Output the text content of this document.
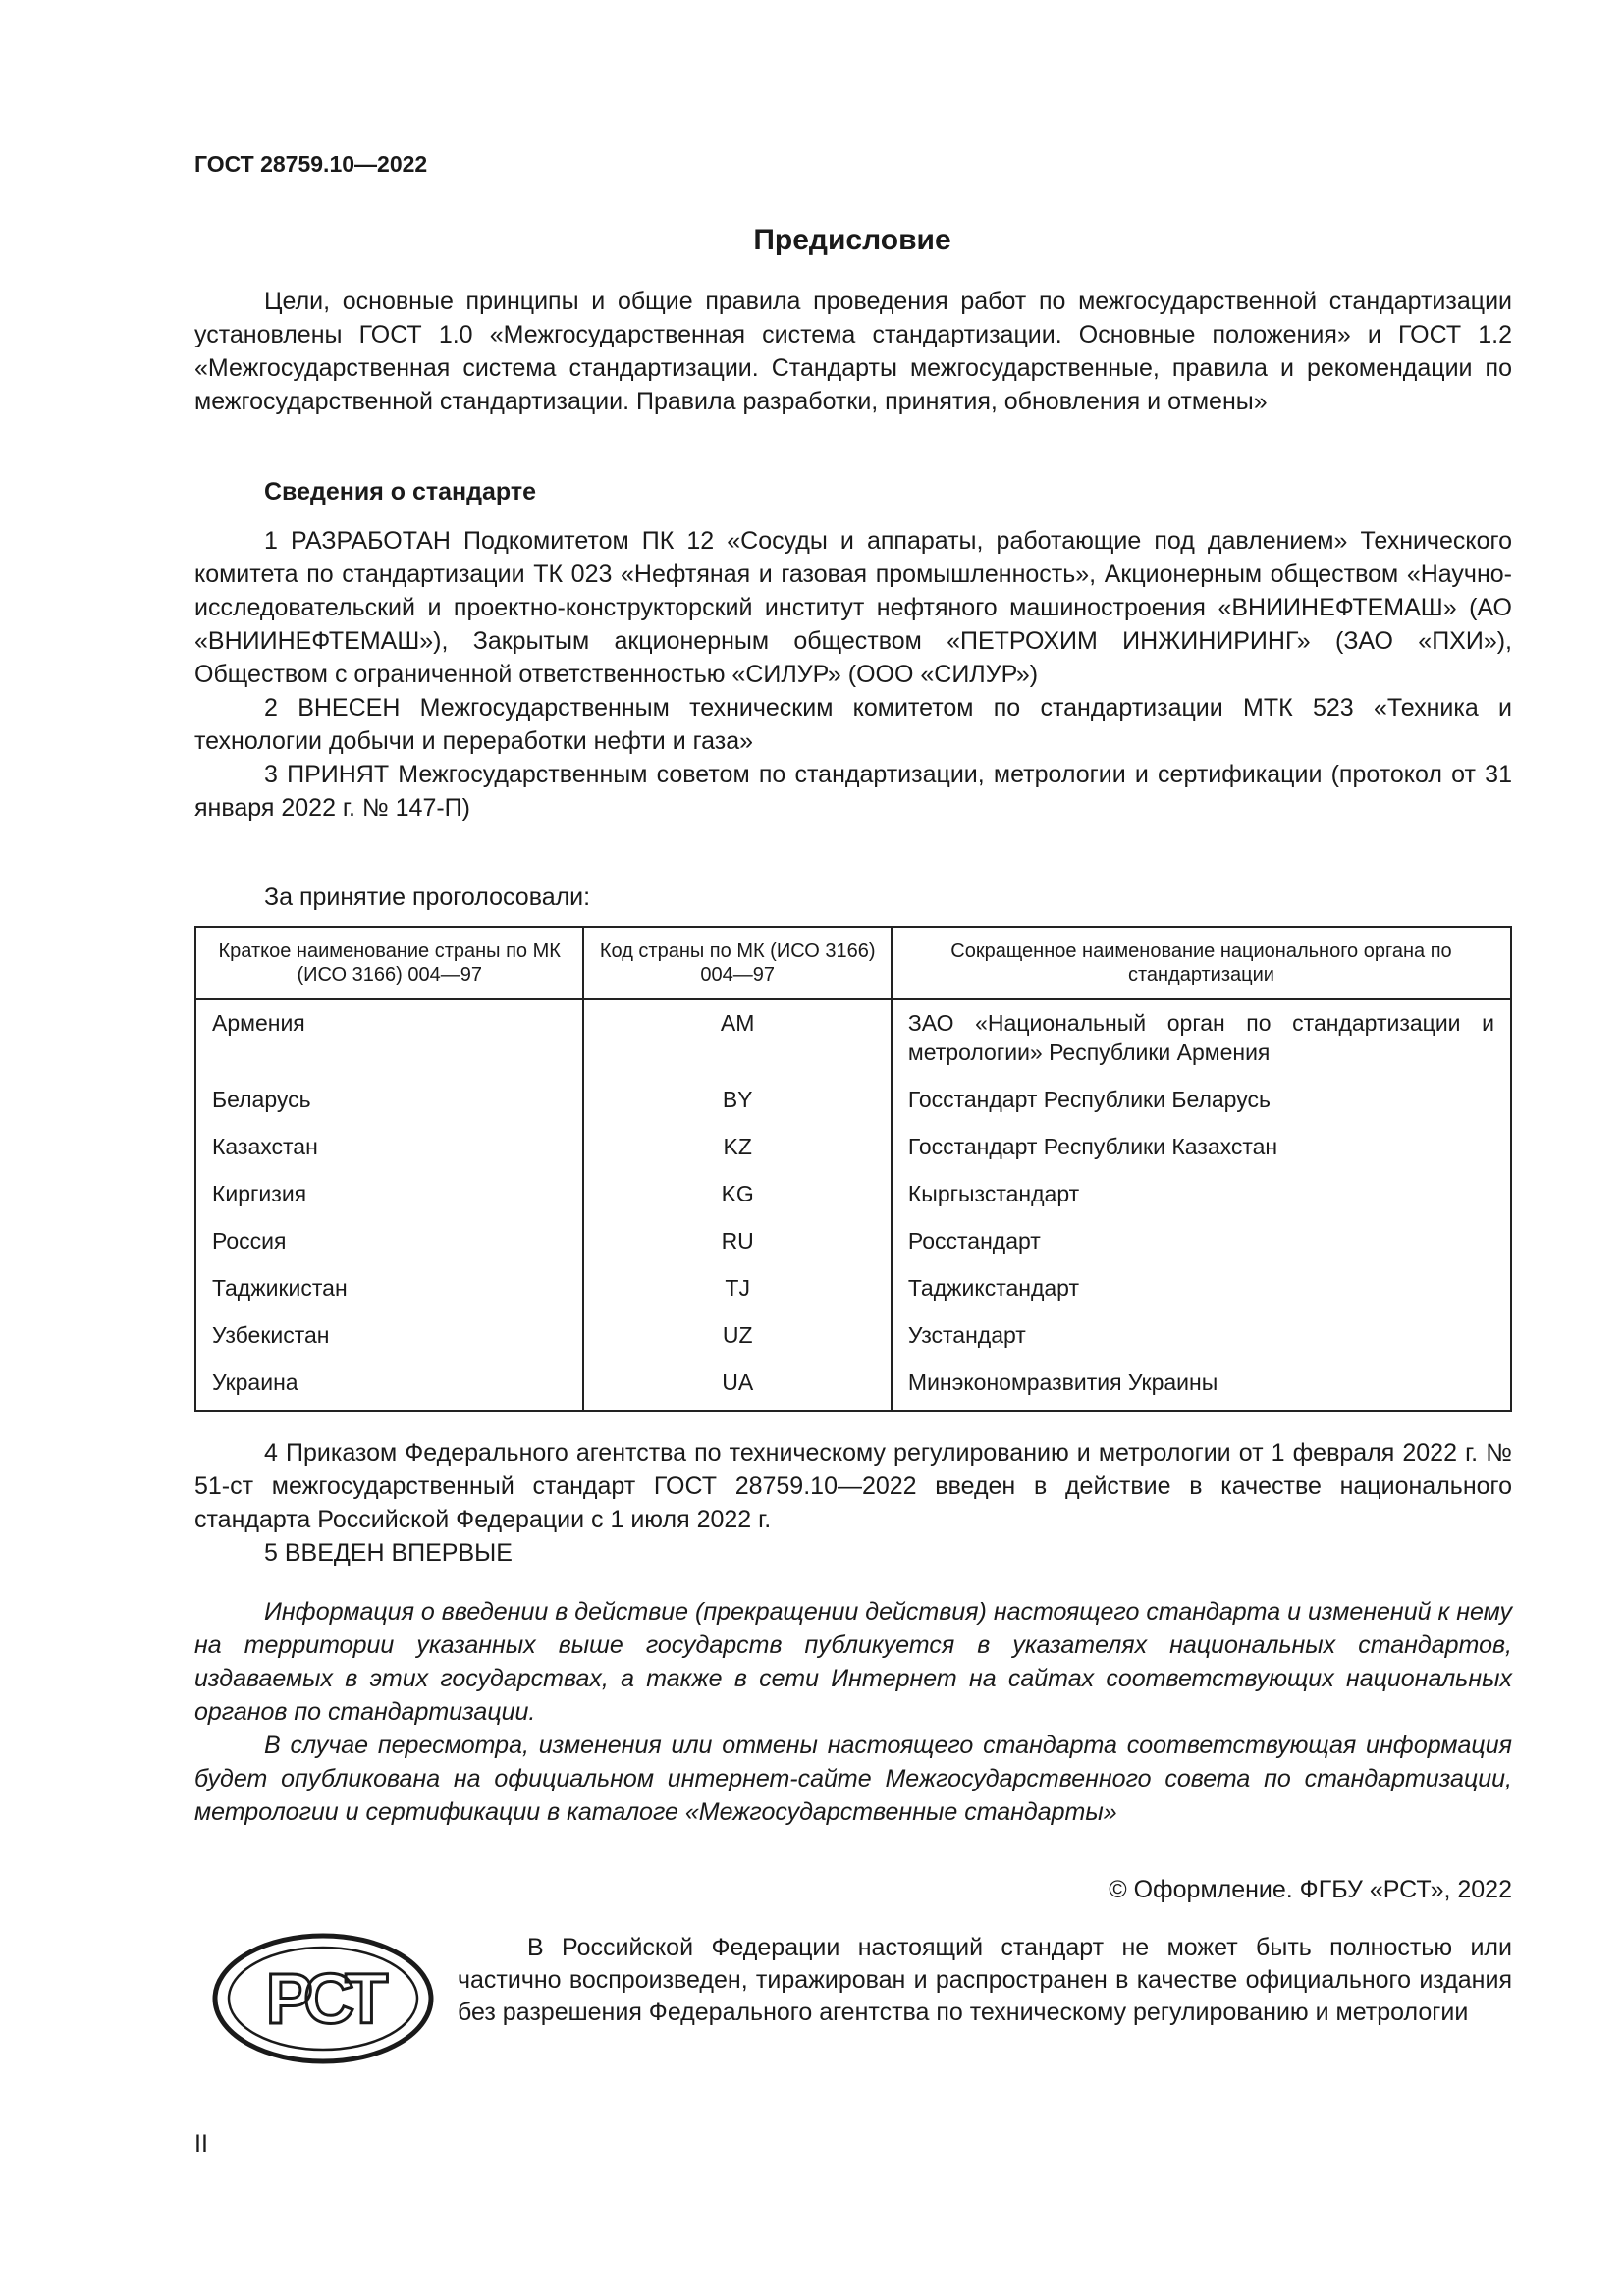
ГОСТ 28759.10—2022
Предисловие

Цели, основные принципы и общие правила проведения работ по межгосударственной стандартизации установлены ГОСТ 1.0 «Межгосударственная система стандартизации. Основные положения» и ГОСТ 1.2 «Межгосударственная система стандартизации. Стандарты межгосударственные, правила и рекомендации по межгосударственной стандартизации. Правила разработки, принятия, обновления и отмены»

Сведения о стандарте

1 РАЗРАБОТАН Подкомитетом ПК 12 «Сосуды и аппараты, работающие под давлением» Технического комитета по стандартизации ТК 023 «Нефтяная и газовая промышленность», Акционерным обществом «Научно-исследовательский и проектно-конструкторский институт нефтяного машиностроения «ВНИИНЕФТЕМАШ» (АО «ВНИИНЕФТЕМАШ»), Закрытым акционерным обществом «ПЕТРОХИМ ИНЖИНИРИНГ» (ЗАО «ПХИ»), Обществом с ограниченной ответственностью «СИЛУР» (ООО «СИЛУР»)

2 ВНЕСЕН Межгосударственным техническим комитетом по стандартизации МТК 523 «Техника и технологии добычи и переработки нефти и газа»

3 ПРИНЯТ Межгосударственным советом по стандартизации, метрологии и сертификации (протокол от 31 января 2022 г. № 147-П)

За принятие проголосовали:

Краткое наименование страны по МК (ИСО 3166) 004—97	Код страны по МК (ИСО 3166) 004—97	Сокращенное наименование национального органа по стандартизации
Армения	AM	ЗАО «Национальный орган по стандартизации и метрологии» Республики Армения
Беларусь	BY	Госстандарт Республики Беларусь
Казахстан	KZ	Госстандарт Республики Казахстан
Киргизия	KG	Кыргызстандарт
Россия	RU	Росстандарт
Таджикистан	TJ	Таджикстандарт
Узбекистан	UZ	Узстандарт
Украина	UA	Минэкономразвития Украины

4 Приказом Федерального агентства по техническому регулированию и метрологии от 1 февраля 2022 г. № 51-ст межгосударственный стандарт ГОСТ 28759.10—2022 введен в действие в качестве национального стандарта Российской Федерации с 1 июля 2022 г.

5 ВВЕДЕН ВПЕРВЫЕ

Информация о введении в действие (прекращении действия) настоящего стандарта и изменений к нему на территории указанных выше государств публикуется в указателях национальных стандартов, издаваемых в этих государствах, а также в сети Интернет на сайтах соответствующих национальных органов по стандартизации.

В случае пересмотра, изменения или отмены настоящего стандарта соответствующая информация будет опубликована на официальном интернет-сайте Межгосударственного совета по стандартизации, метрологии и сертификации в каталоге «Межгосударственные стандарты»

© Оформление. ФГБУ «РСТ», 2022
РСТ

В Российской Федерации настоящий стандарт не может быть полностью или частично воспроизведен, тиражирован и распространен в качестве официального издания без разрешения Федерального агентства по техническому регулированию и метрологии

II
